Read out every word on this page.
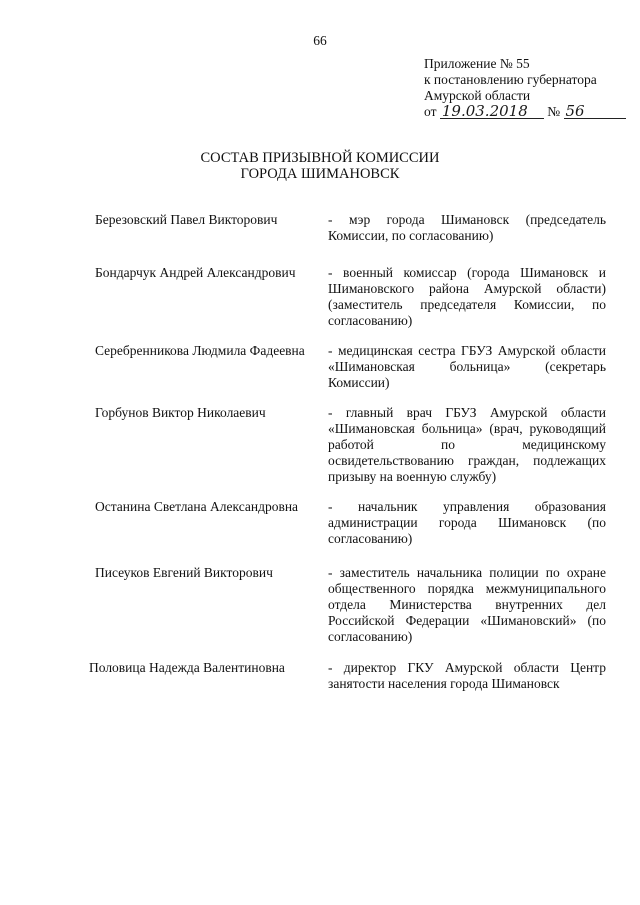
66
Приложение № 55
к постановлению губернатора
Амурской области
от 19.03.2018 № 56
СОСТАВ ПРИЗЫВНОЙ КОМИССИИ
ГОРОДА ШИМАНОВСК
Березовский Павел Викторович	- мэр города Шимановск (председатель Комиссии, по согласованию)
Бондарчук Андрей Александрович - военный комиссар (города Шимановск и Шимановского района Амурской области) (заместитель председателя Комиссии, по согласованию)
Серебренникова Людмила Фадеевна - медицинская сестра ГБУЗ Амурской области «Шимановская больница» (секретарь Комиссии)
Горбунов Виктор Николаевич	- главный врач ГБУЗ Амурской области «Шимановская больница» (врач, руководящий работой по медицинскому освидетельствованию граждан, подлежащих призыву на военную службу)
Останина Светлана Александровна - начальник управления образования администрации города Шимановск (по согласованию)
Писеуков Евгений Викторович	- заместитель начальника полиции по охране общественного порядка межмуниципального отдела Министерства внутренних дел Российской Федерации «Шимановский» (по согласованию)
Половица Надежда Валентиновна	- директор ГКУ Амурской области Центр занятости населения города Шимановск
